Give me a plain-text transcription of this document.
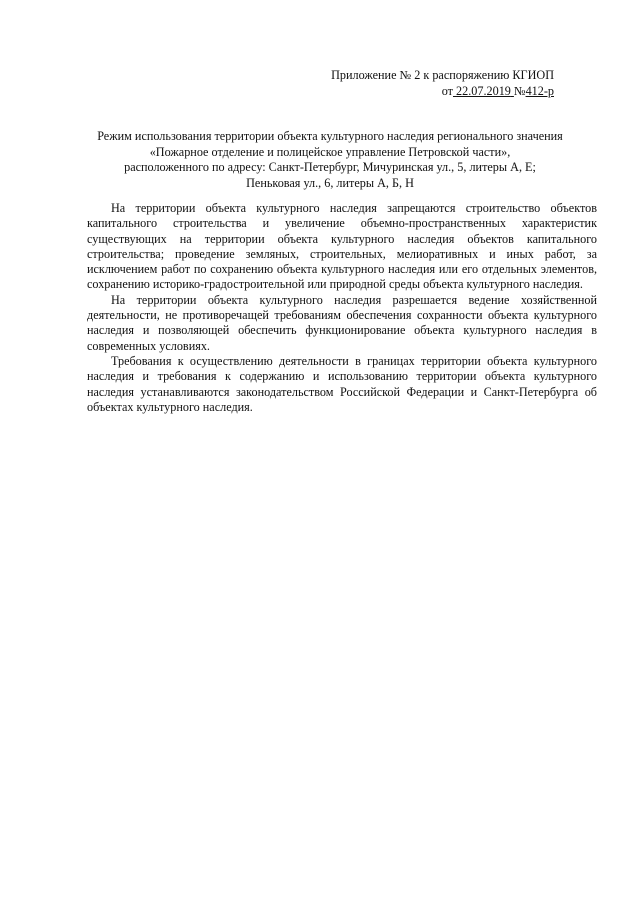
Приложение № 2 к распоряжению КГИОП
от 22.07.2019 №412-р
Режим использования территории объекта культурного наследия регионального значения
«Пожарное отделение и полицейское управление Петровской части»,
расположенного по адресу: Санкт-Петербург, Мичуринская ул., 5, литеры А, Е;
Пеньковая ул., 6, литеры А, Б, Н

На территории объекта культурного наследия запрещаются строительство объектов капитального строительства и увеличение объемно-пространственных характеристик существующих на территории объекта культурного наследия объектов капитального строительства; проведение земляных, строительных, мелиоративных и иных работ, за исключением работ по сохранению объекта культурного наследия или его отдельных элементов, сохранению историко-градостроительной или природной среды объекта культурного наследия.

На территории объекта культурного наследия разрешается ведение хозяйственной деятельности, не противоречащей требованиям обеспечения сохранности объекта культурного наследия и позволяющей обеспечить функционирование объекта культурного наследия в современных условиях.

Требования к осуществлению деятельности в границах территории объекта культурного наследия и требования к содержанию и использованию территории объекта культурного наследия устанавливаются законодательством Российской Федерации и Санкт-Петербурга об объектах культурного наследия.
